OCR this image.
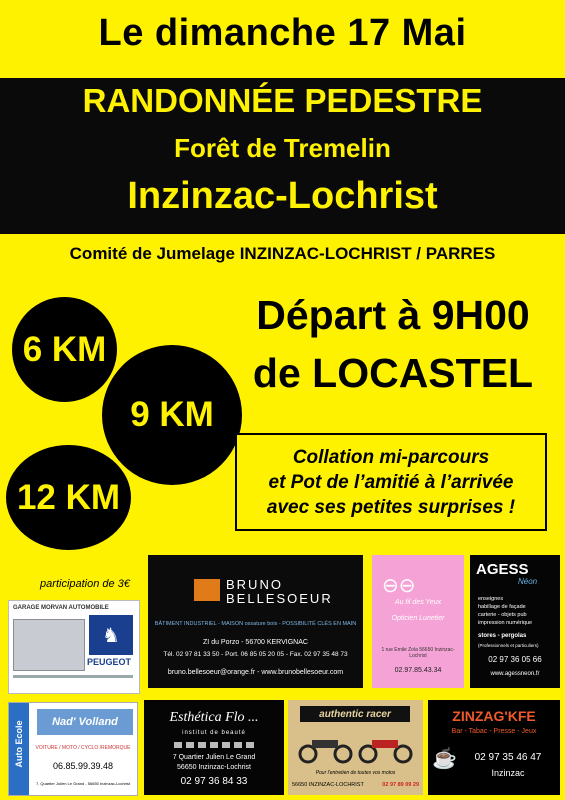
Le dimanche 17 Mai
RANDONNÉE PEDESTRE
Forêt de Tremelin
Inzinzac-Lochrist
Comité de Jumelage INZINZAC-LOCHRIST / PARRES
6 KM
9 KM
12 KM
Départ à 9H00
de LOCASTEL
Collation mi-parcours
et Pot de l’amitié à l’arrivée
avec ses petites surprises !
participation de 3€
GARAGE MORVAN AUTOMOBILE
♞
PEUGEOT
BRUNO
BELLESOEUR
BÂTIMENT INDUSTRIEL - MAISON ossature bois - POSSIBILITÉ CLÉS EN MAIN
ZI du Porzo - 56700 KERVIGNAC
Tél. 02 97 81 33 50 - Port. 06 85 05 20 05 - Fax. 02 97 35 48 73
bruno.bellesoeur@orange.fr - www.brunobellesoeur.com
⊖⊖
Au fil des Yeux
Opticien Lunetier
1 rue Emile Zola 56650 Inzinzac-Lochrist
02.97.85.43.34
AGESS
Néon
enseignes
habillage de façade
carterie - objets pub
impression numérique
stores - pergolas
(Professionnels et particuliers)
02 97 36 05 66
www.agessneon.fr
Auto Ecole	Nad' Volland
VOITURE / MOTO / CYCLO /REMORQUE
06.85.99.39.48
7, Quartier Julien Le Grand - 56650 Inzinzac-Lochrist
Esthética Flo ...
institut de beauté
7 Quartier Julien Le Grand
56650 Inzinzac-Lochrist
02 97 36 84 33
authentic racer
Pour l'entretien de toutes vos motos
56650 INZINZAC-LOCHRIST	02 97 89 09 29
ZINZAG'KFE
Bar - Tabac - Presse - Jeux
☕	02 97 35 46 47
Inzinzac
